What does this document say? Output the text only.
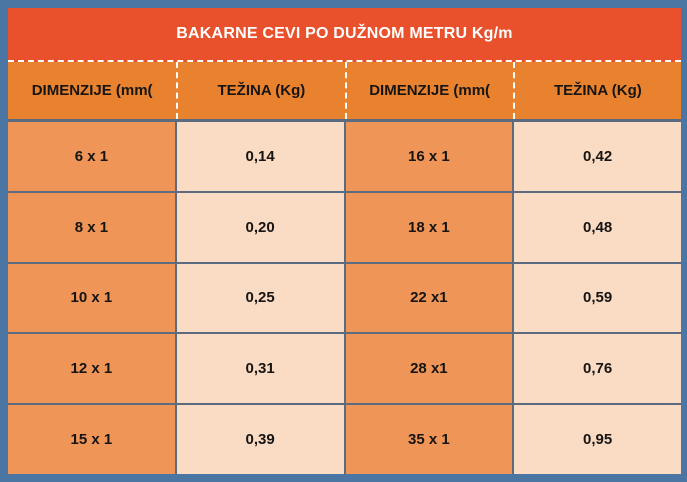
BAKARNE CEVI PO DUŽNOM METRU Kg/m
DIMENZIJE (mm(	TEŽINA (Kg)	DIMENZIJE (mm(	TEŽINA (Kg)
6 x 1	0,14	16 x 1	0,42
8 x 1	0,20	18 x 1	0,48
10 x 1	0,25	22 x1	0,59
12 x 1	0,31	28 x1	0,76
15 x 1	0,39	35 x 1	0,95
